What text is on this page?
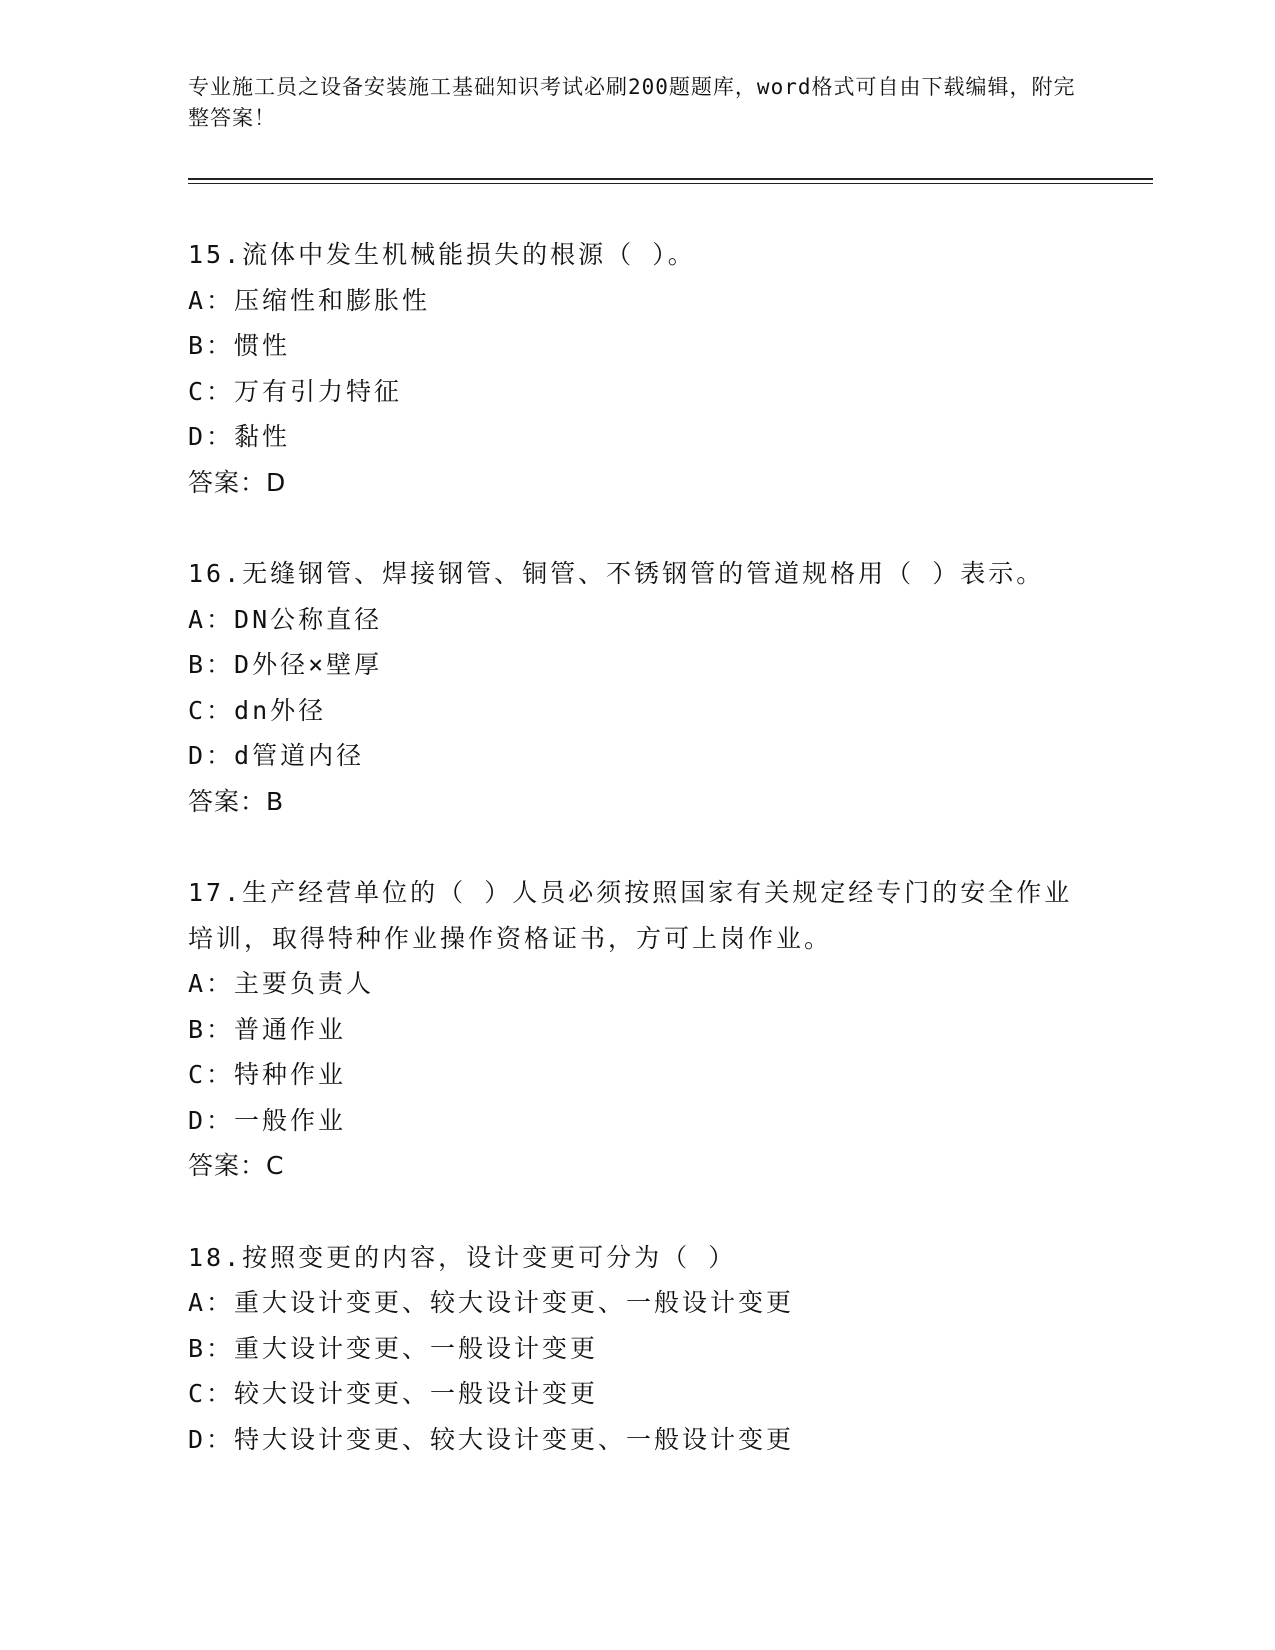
专业施工员之设备安装施工基础知识考试必刷200题题库，word格式可自由下载编辑，附完整答案！

15.流体中发生机械能损失的根源（ ）。

A：压缩性和膨胀性

B：惯性

C：万有引力特征

D：黏性

答案：D

16.无缝钢管、焊接钢管、铜管、不锈钢管的管道规格用（ ）表示。

A：DN公称直径

B：D外径×壁厚

C：dn外径

D：d管道内径

答案：B

17.生产经营单位的（ ）人员必须按照国家有关规定经专门的安全作业培训，取得特种作业操作资格证书，方可上岗作业。

A：主要负责人

B：普通作业

C：特种作业

D：一般作业

答案：C

18.按照变更的内容，设计变更可分为（ ）

A：重大设计变更、较大设计变更、一般设计变更

B：重大设计变更、一般设计变更

C：较大设计变更、一般设计变更

D：特大设计变更、较大设计变更、一般设计变更
